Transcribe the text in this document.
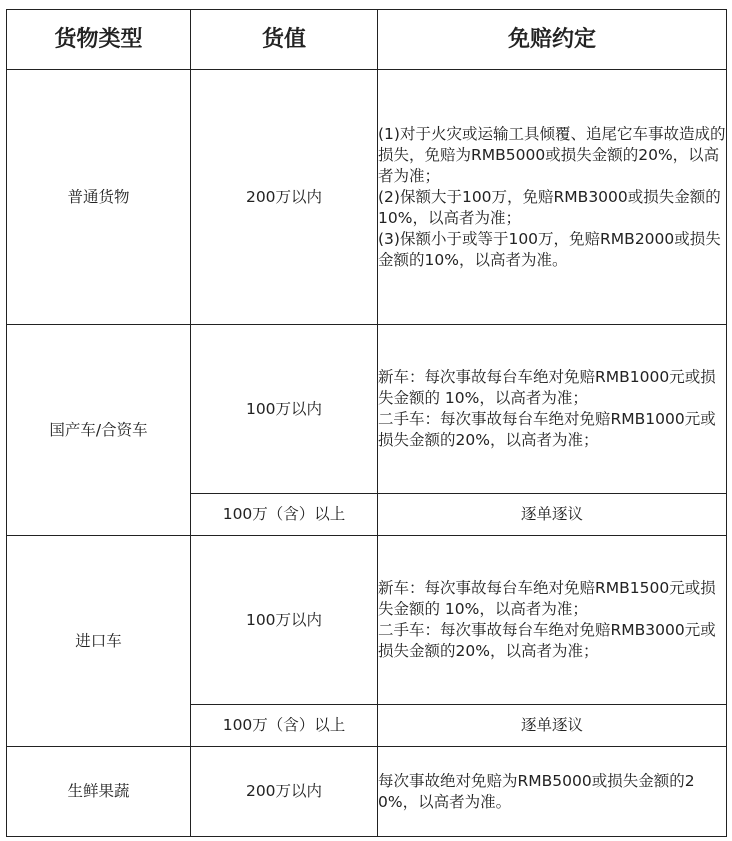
货物类型	货值	免赔约定
普通货物	200万以内	(1)对于火灾或运输工具倾覆、追尾它车事故造成的损失，免赔为RMB5000或损失金额的20%，以高者为准；
(2)保额大于100万，免赔RMB3000或损失金额的10%，以高者为准；
(3)保额小于或等于100万，免赔RMB2000或损失金额的10%，以高者为准。

国产车/合资车	100万以内	新车：每次事故每台车绝对免赔RMB1000元或损失金额的 10%，以高者为准；
二手车：每次事故每台车绝对免赔RMB1000元或损失金额的20%，以高者为准；

	100万（含）以上	逐单逐议
进口车	100万以内	新车：每次事故每台车绝对免赔RMB1500元或损失金额的 10%，以高者为准；
二手车：每次事故每台车绝对免赔RMB3000元或损失金额的20%，以高者为准；

	100万（含）以上	逐单逐议
生鲜果蔬	200万以内	每次事故绝对免赔为RMB5000或损失金额的20%，以高者为准。
